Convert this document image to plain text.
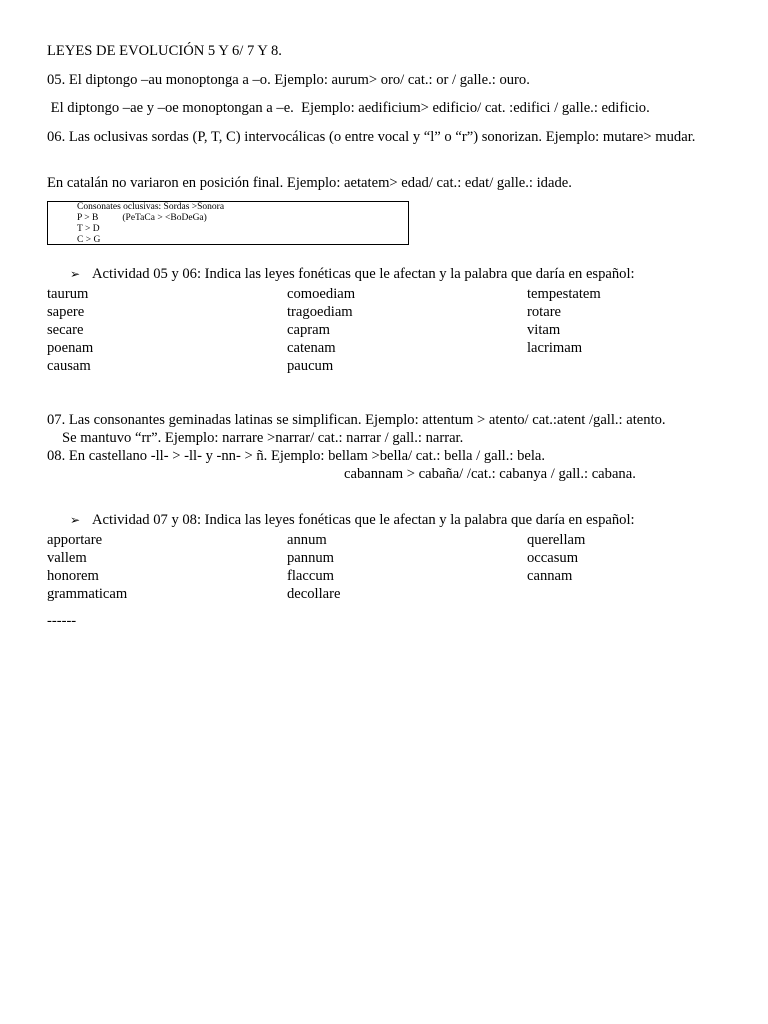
LEYES DE EVOLUCIÓN 5 Y 6/ 7 Y 8.
05. El diptongo –au monoptonga a –o. Ejemplo: aurum> oro/ cat.: or / galle.: ouro.
El diptongo –ae y –oe monoptongan a –e.  Ejemplo: aedificium> edificio/ cat. :edifici / galle.: edificio.
06. Las oclusivas sordas (P, T, C) intervocálicas (o entre vocal y “l” o “r”) sonorizan. Ejemplo: mutare> mudar.
En catalán no variaron en posición final. Ejemplo: aetatem> edad/ cat.: edat/ galle.: idade.
Consonates oclusivas: Sordas >Sonora
P > B	(PeTaCa > <BoDeGa)
T > D
C > G
➢ Actividad 05 y 06: Indica las leyes fonéticas que le afectan y la palabra que daría en español:
taurum	comoediam	tempestatem
sapere	tragoediam	rotare
secare	capram	vitam
poenam	catenam	lacrimam
causam	paucum
07. Las consonantes geminadas latinas se simplifican. Ejemplo: attentum > atento/ cat.:atent /gall.: atento.
Se mantuvo “rr”. Ejemplo: narrare >narrar/ cat.: narrar / gall.: narrar.
08. En castellano -ll- > -ll- y -nn- > ñ. Ejemplo: bellam >bella/ cat.: bella / gall.: bela.
cabannam > cabaña/ /cat.: cabanya / gall.: cabana.
➢ Actividad 07 y 08: Indica las leyes fonéticas que le afectan y la palabra que daría en español:
apportare	annum	querellam
vallem	pannum	occasum
honorem	flaccum	cannam
grammaticam	decollare
------
